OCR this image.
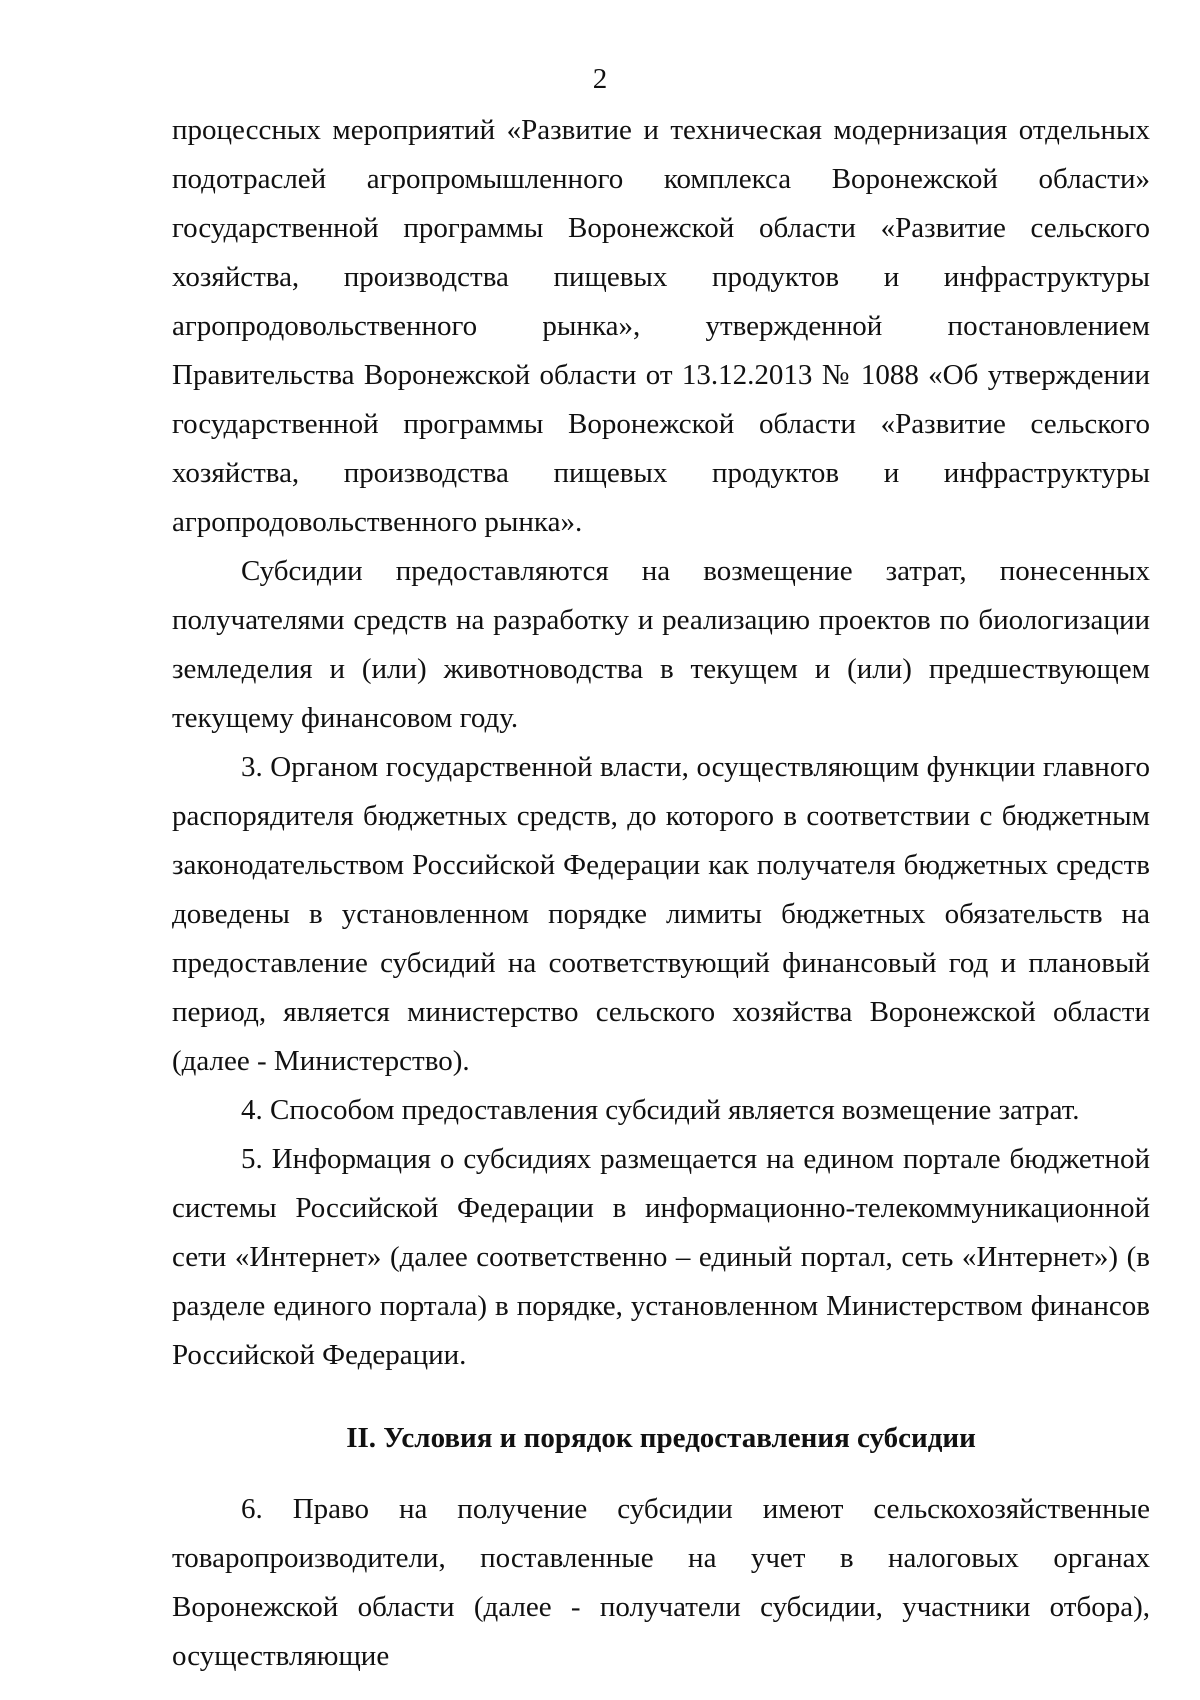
2

процессных мероприятий «Развитие и техническая модернизация отдельных подотраслей агропромышленного комплекса Воронежской области» государственной программы Воронежской области «Развитие сельского хозяйства, производства пищевых продуктов и инфраструктуры агропродовольственного рынка», утвержденной постановлением Правительства Воронежской области от 13.12.2013 № 1088 «Об утверждении государственной программы Воронежской области «Развитие сельского хозяйства, производства пищевых продуктов и инфраструктуры агропродовольственного рынка».

Субсидии предоставляются на возмещение затрат, понесенных получателями средств на разработку и реализацию проектов по биологизации земледелия и (или) животноводства в текущем и (или) предшествующем текущему финансовом году.

3. Органом государственной власти, осуществляющим функции главного распорядителя бюджетных средств, до которого в соответствии с бюджетным законодательством Российской Федерации как получателя бюджетных средств доведены в установленном порядке лимиты бюджетных обязательств на предоставление субсидий на соответствующий финансовый год и плановый период, является министерство сельского хозяйства Воронежской области (далее - Министерство).

4. Способом предоставления субсидий является возмещение затрат.

5. Информация о субсидиях размещается на едином портале бюджетной системы Российской Федерации в информационно-телекоммуникационной сети «Интернет» (далее соответственно – единый портал, сеть «Интернет») (в разделе единого портала) в порядке, установленном Министерством финансов Российской Федерации.

II. Условия и порядок предоставления субсидии

6. Право на получение субсидии имеют сельскохозяйственные товаропроизводители, поставленные на учет в налоговых органах Воронежской области (далее - получатели субсидии, участники отбора), осуществляющие
